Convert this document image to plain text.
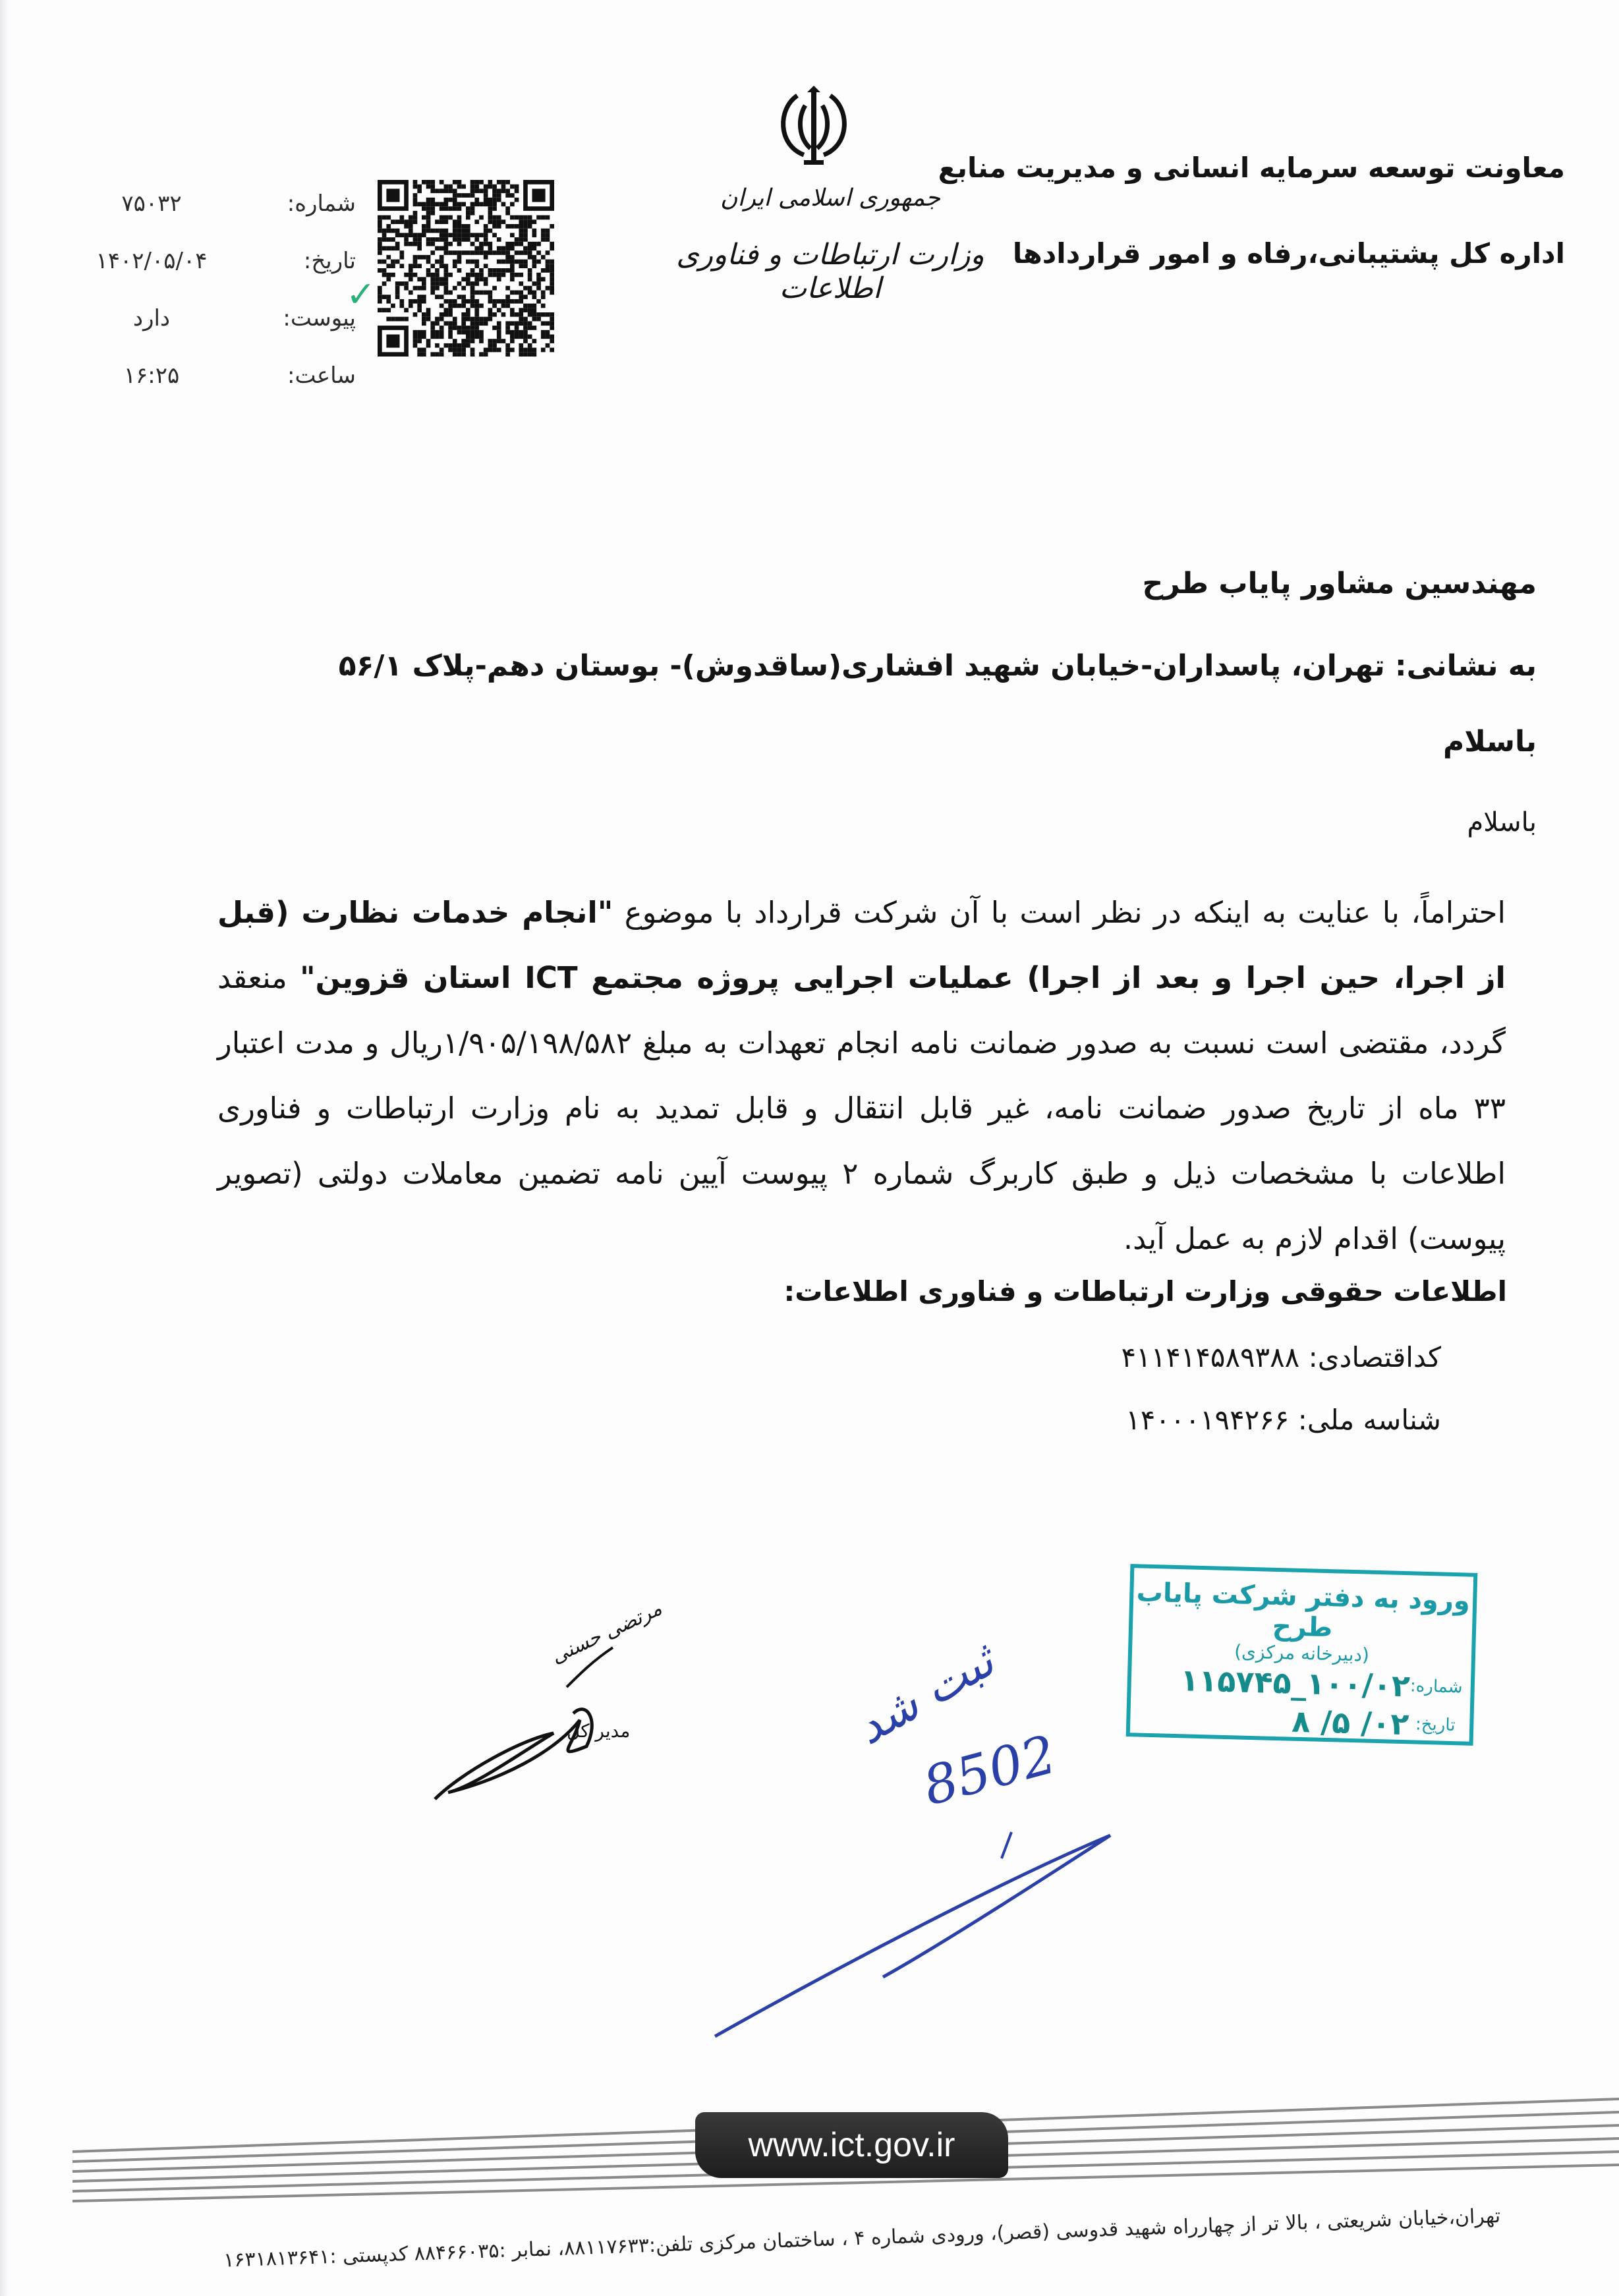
جمهوری اسلامی ایران
وزارت ارتباطات و فناوری اطلاعات
معاونت توسعه سرمایه انسانی و مدیریت منابع
اداره کل پشتیبانی،رفاه و امور قراردادها
۷۵۰۳۲	شماره:
۱۴۰۲/۰۵/۰۴	تاریخ:
دارد	پیوست:
۱۶:۲۵	ساعت:
✓
مهندسین مشاور پایاب طرح
به نشانی: تهران، پاسداران-خیابان شهید افشاری(ساقدوش)- بوستان دهم-پلاک ۵۶/۱
باسلام
باسلام
احتراماً، با عنایت به اینکه در نظر است با آن شرکت قرارداد با موضوع "انجام خدمات نظارت (قبل از اجرا، حین اجرا و بعد از اجرا) عملیات اجرایی پروژه مجتمع ICT استان قزوین" منعقد گردد، مقتضی است نسبت به صدور ضمانت نامه انجام تعهدات به مبلغ ۱/۹۰۵/۱۹۸/۵۸۲ریال و مدت اعتبار ۳۳ ماه از تاریخ صدور ضمانت نامه، غیر قابل انتقال و قابل تمدید به نام وزارت ارتباطات و فناوری اطلاعات با مشخصات ذیل و طبق کاربرگ شماره ۲ پیوست آیین نامه تضمین معاملات دولتی (تصویر پیوست) اقدام لازم به عمل آید.
اطلاعات حقوقی وزارت ارتباطات و فناوری اطلاعات:
کداقتصادی: ۴۱۱۴۱۴۵۸۹۳۸۸
شناسه ملی: ۱۴۰۰۰۱۹۴۲۶۶
مرتضی حسنی
مدیر کل
ورود به دفتر شرکت پایاب طرح
(دبیرخانه مرکزی)
شماره:
۱۰۰/۰۲_۱۱۵۷۴۵
تاریخ:
۰۲/ ۵/ ۸
ثبت شد
8502
www.ict.gov.ir
تهران،خیابان شریعتی ، بالا تر از چهارراه شهید قدوسی (قصر)، ورودی شماره ۴ ، ساختمان مرکزی تلفن:۸۸۱۱۷۶۳۳، نمابر :۸۸۴۶۶۰۳۵ کدپستی :۱۶۳۱۸۱۳۶۴۱
